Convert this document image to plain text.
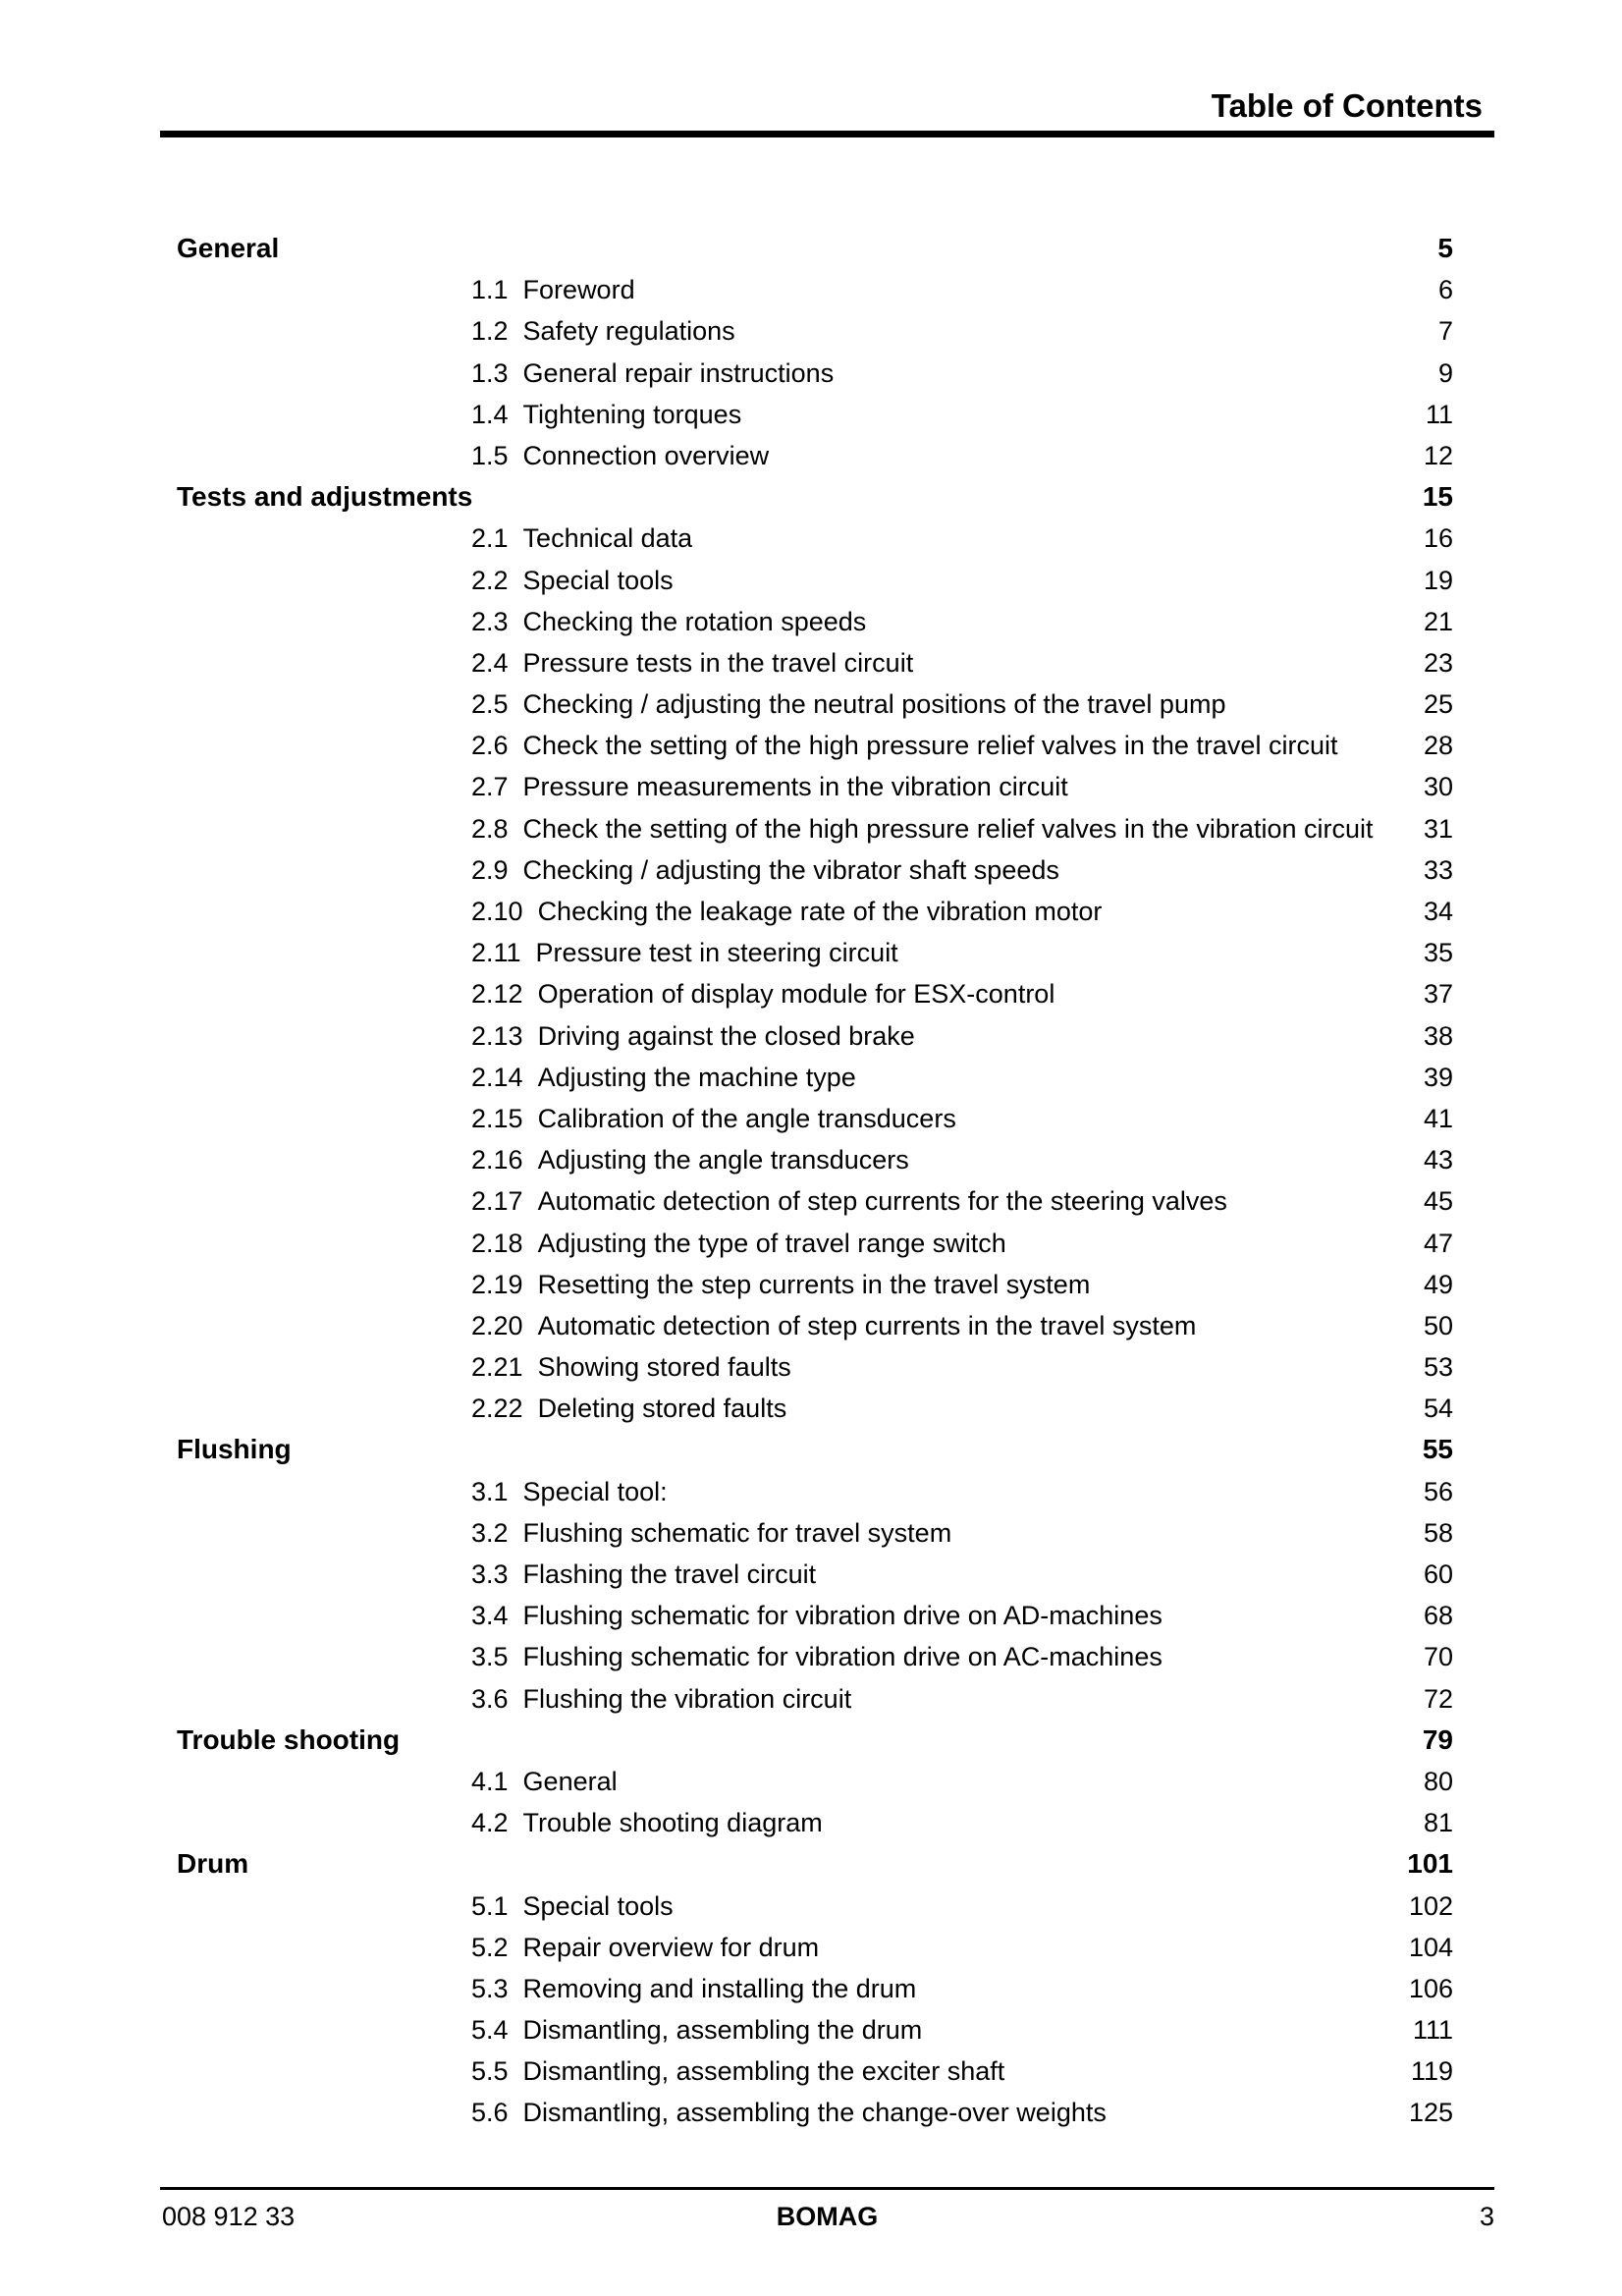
Table of Contents
General	5
1.1 Foreword	6
1.2 Safety regulations	7
1.3 General repair instructions	9
1.4 Tightening torques	11
1.5 Connection overview	12
Tests and adjustments	15
2.1 Technical data	16
2.2 Special tools	19
2.3 Checking the rotation speeds	21
2.4 Pressure tests in the travel circuit	23
2.5 Checking / adjusting the neutral positions of the travel pump	25
2.6 Check the setting of the high pressure relief valves in the travel circuit	28
2.7 Pressure measurements in the vibration circuit	30
2.8 Check the setting of the high pressure relief valves in the vibration circuit 31
2.9 Checking / adjusting the vibrator shaft speeds	33
2.10 Checking the leakage rate of the vibration motor	34
2.11 Pressure test in steering circuit	35
2.12 Operation of display module for ESX-control	37
2.13 Driving against the closed brake	38
2.14 Adjusting the machine type	39
2.15 Calibration of the angle transducers	41
2.16 Adjusting the angle transducers	43
2.17 Automatic detection of step currents for the steering valves	45
2.18 Adjusting the type of travel range switch	47
2.19 Resetting the step currents in the travel system	49
2.20 Automatic detection of step currents in the travel system	50
2.21 Showing stored faults	53
2.22 Deleting stored faults	54
Flushing	55
3.1 Special tool:	56
3.2 Flushing schematic for travel system	58
3.3 Flashing the travel circuit	60
3.4 Flushing schematic for vibration drive on AD-machines	68
3.5 Flushing schematic for vibration drive on AC-machines	70
3.6 Flushing the vibration circuit	72
Trouble shooting	79
4.1 General	80
4.2 Trouble shooting diagram	81
Drum	101
5.1 Special tools	102
5.2 Repair overview for drum	104
5.3 Removing and installing the drum	106
5.4 Dismantling, assembling the drum	111
5.5 Dismantling, assembling the exciter shaft	119
5.6 Dismantling, assembling the change-over weights	125
008 912 33	BOMAG	3
